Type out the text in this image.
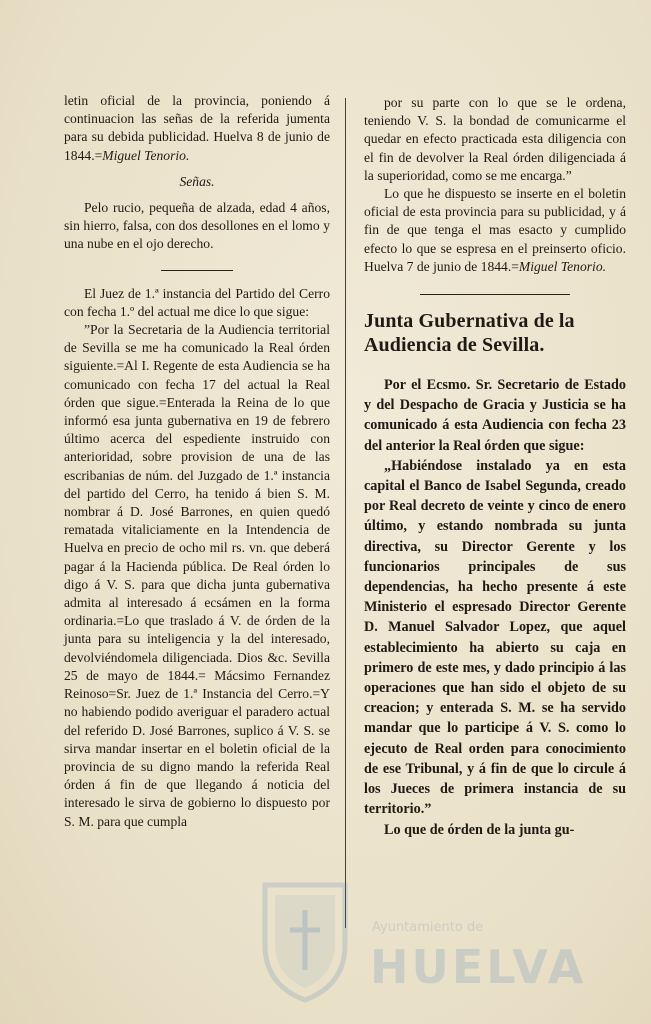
letin oficial de la provincia, poniendo á continuacion las señas de la referida jumenta para su debida publicidad. Huelva 8 de junio de 1844.=Miguel Tenorio.

Señas.

Pelo rucio, pequeña de alzada, edad 4 años, sin hierro, falsa, con dos desollones en el lomo y una nube en el ojo derecho.

El Juez de 1.ª instancia del Partido del Cerro con fecha 1.º del actual me dice lo que sigue:

”Por la Secretaria de la Audiencia territorial de Sevilla se me ha comunicado la Real órden siguiente.=Al I. Regente de esta Audiencia se ha comunicado con fecha 17 del actual la Real órden que sigue.=Enterada la Reina de lo que informó esa junta gubernativa en 19 de febrero último acerca del espediente instruido con anterioridad, sobre provision de una de las escribanias de núm. del Juzgado de 1.ª instancia del partido del Cerro, ha tenido á bien S. M. nombrar á D. José Barrones, en quien quedó rematada vitaliciamente en la Intendencia de Huelva en precio de ocho mil rs. vn. que deberá pagar á la Hacienda pública. De Real órden lo digo á V. S. para que dicha junta gubernativa admita al interesado á ecsámen en la forma ordinaria.=Lo que traslado á V. de órden de la junta para su inteligencia y la del interesado, devolviéndomela diligenciada. Dios &c. Sevilla 25 de mayo de 1844.= Mácsimo Fernandez Reinoso=Sr. Juez de 1.ª Instancia del Cerro.=Y no habiendo podido averiguar el paradero actual del referido D. José Barrones, suplico á V. S. se sirva mandar insertar en el boletin oficial de la provincia de su digno mando la referida Real órden á fin de que llegando á noticia del interesado le sirva de gobierno lo dispuesto por S. M. para que cumpla

por su parte con lo que se le ordena, teniendo V. S. la bondad de comunicarme el quedar en efecto practicada esta diligencia con el fin de devolver la Real órden diligenciada á la superioridad, como se me encarga.”

Lo que he dispuesto se inserte en el boletin oficial de esta provincia para su publicidad, y á fin de que tenga el mas esacto y cumplido efecto lo que se espresa en el preinserto oficio. Huelva 7 de junio de 1844.=Miguel Tenorio.

Junta Gubernativa de la Audiencia de Sevilla.

Por el Ecsmo. Sr. Secretario de Estado y del Despacho de Gracia y Justicia se ha comunicado á esta Audiencia con fecha 23 del anterior la Real órden que sigue:

„Habiéndose instalado ya en esta capital el Banco de Isabel Segunda, creado por Real decreto de veinte y cinco de enero último, y estando nombrada su junta directiva, su Director Gerente y los funcionarios principales de sus dependencias, ha hecho presente á este Ministerio el espresado Director Gerente D. Manuel Salvador Lopez, que aquel establecimiento ha abierto su caja en primero de este mes, y dado principio á las operaciones que han sido el objeto de su creacion; y enterada S. M. se ha servido mandar que lo participe á V. S. como lo ejecuto de Real orden para conocimiento de ese Tribunal, y á fin de que lo circule á los Jueces de primera instancia de su territorio.”

Lo que de órden de la junta gu-

Ayuntamiento de
HUELVA
